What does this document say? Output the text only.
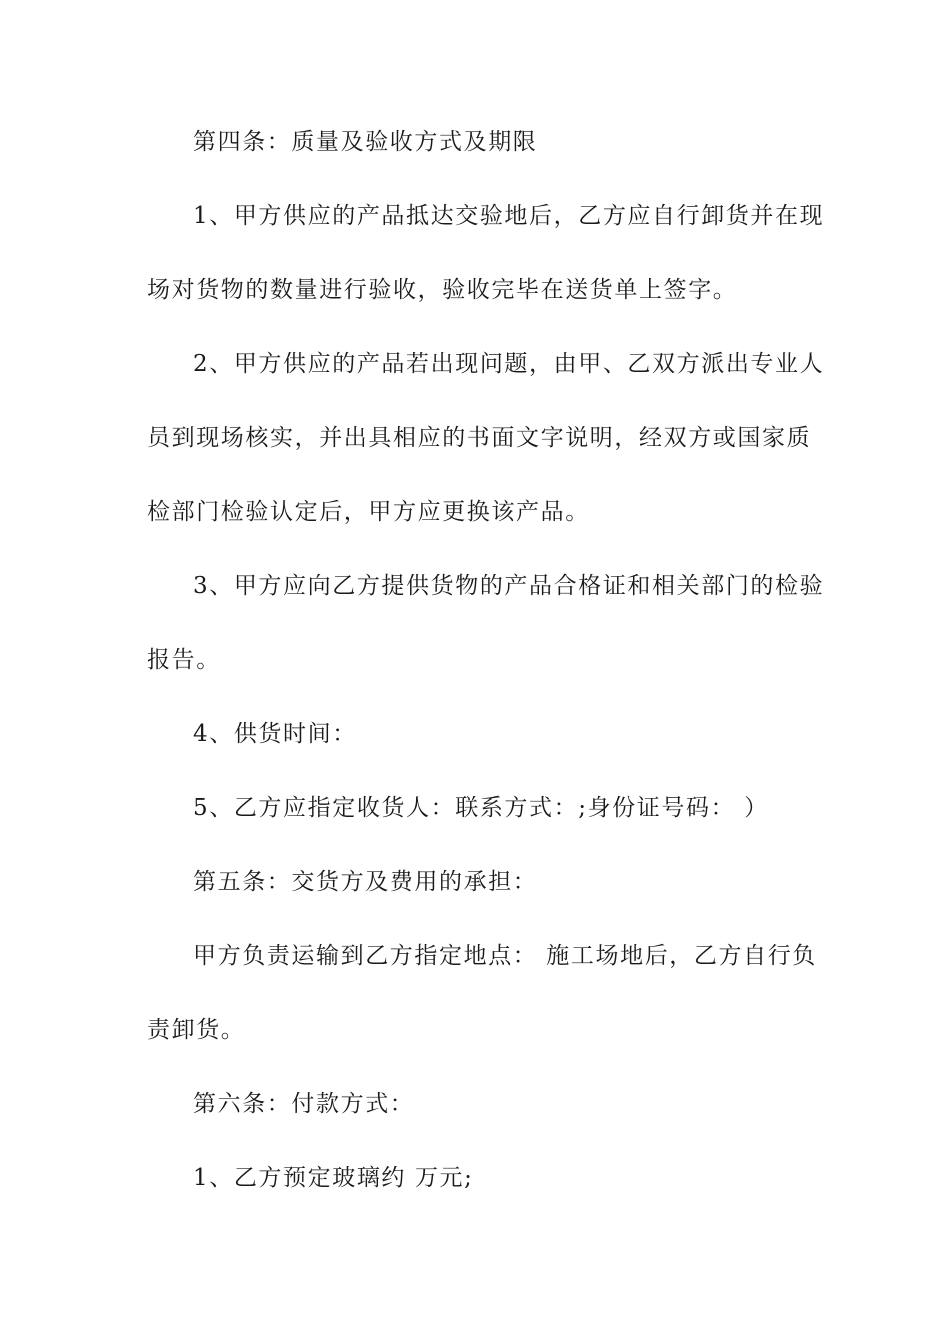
第四条：质量及验收方式及期限
1、甲方供应的产品抵达交验地后，乙方应自行卸货并在现
场对货物的数量进行验收，验收完毕在送货单上签字。
2、甲方供应的产品若出现问题，由甲、乙双方派出专业人
员到现场核实，并出具相应的书面文字说明，经双方或国家质
检部门检验认定后，甲方应更换该产品。
3、甲方应向乙方提供货物的产品合格证和相关部门的检验
报告。
4、供货时间：
5、乙方应指定收货人：联系方式：;身份证号码： ）
第五条：交货方及费用的承担：
甲方负责运输到乙方指定地点： 施工场地后，乙方自行负
责卸货。
第六条：付款方式：
1、乙方预定玻璃约 万元;
